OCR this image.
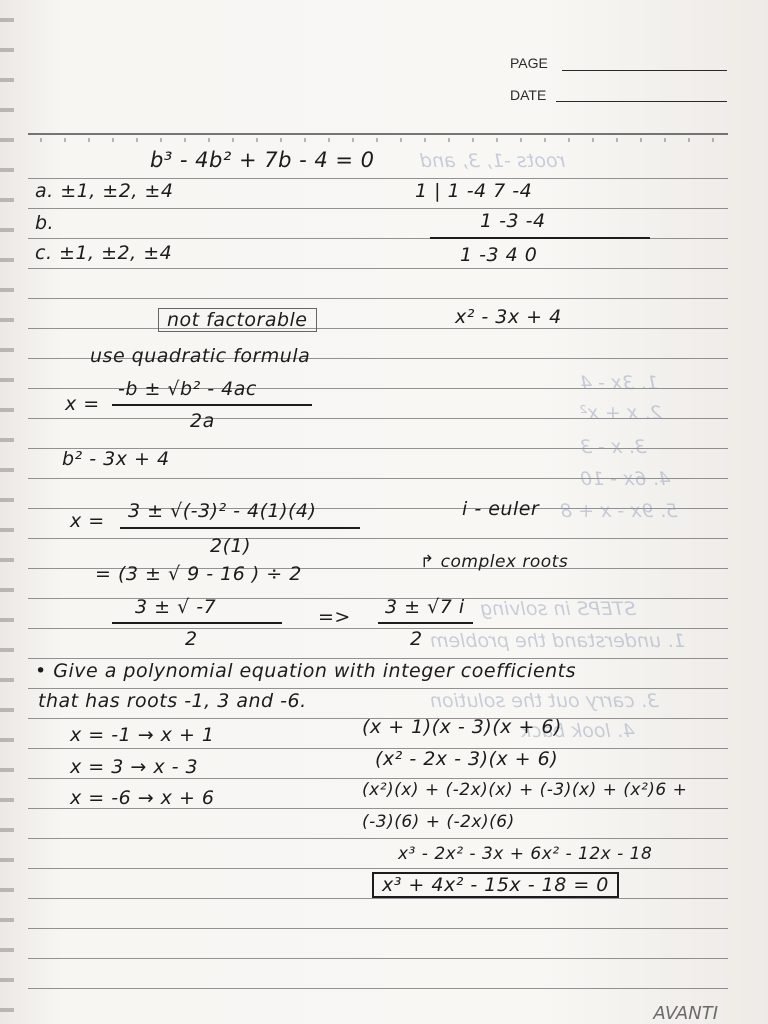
PAGE
DATE
roots -1, 3, and
1. 3x - 4
2. x + x²
3. x - 3
4. 6x - 10
5. 9x - x + 8
STEPS in solving
1. understand the problem
3. carry out the solution
4. look back
b³ - 4b² + 7b - 4 = 0
a. ±1, ±2, ±4	1 | 1 -4 7 -4
b.	1 -3 -4
c. ±1, ±2, ±4	1 -3 4 0
not factorable	x² - 3x + 4
use quadratic formula
x =
-b ± √b² - 4ac
2a
b² - 3x + 4
x = 3 ± √(-3)² - 4(1)(4)
2(1)
i - euler
= (3 ± √ 9 - 16 ) ÷ 2
↱ complex roots
3 ± √ -7
2
=> 3 ± √7 i
2
• Give a polynomial equation with integer coefficients
that has roots -1, 3 and -6.
x = -1 → x + 1	(x + 1)(x - 3)(x + 6)
x = 3 → x - 3	(x² - 2x - 3)(x + 6)
x = -6 → x + 6	(x²)(x) + (-2x)(x) + (-3)(x) + (x²)6 +
(-3)(6) + (-2x)(6)
x³ - 2x² - 3x + 6x² - 12x - 18
x³ + 4x² - 15x - 18 = 0
AVANTI
